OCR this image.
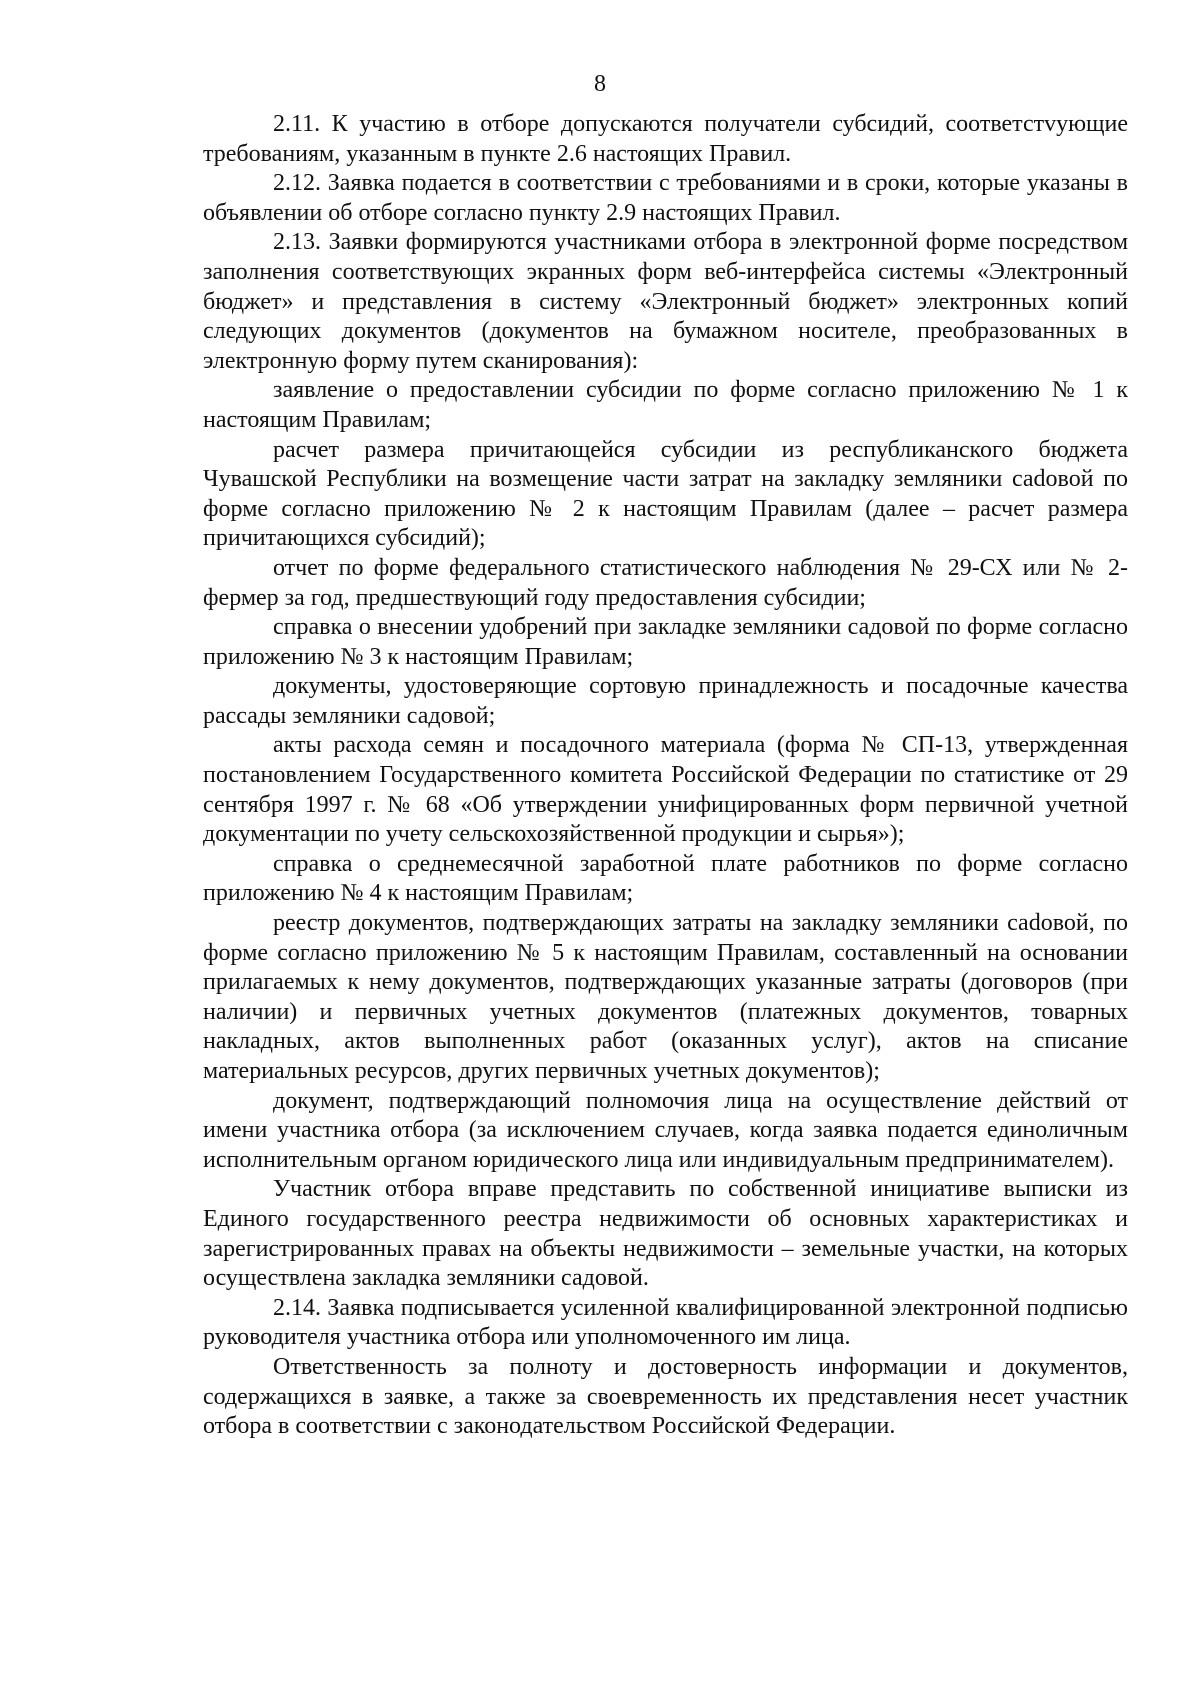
8

2.11. К участию в отборе допускаются получатели субсидий, соответстvующие требованиям, указанным в пункте 2.6 настоящих Правил.

2.12. Заявка подается в соответствии с требованиями и в сроки, которые указаны в объявлении об отборе согласно пункту 2.9 настоящих Правил.

2.13. Заявки формируются участниками отбора в электронной форме посредством заполнения соответствующих экранных форм веб-интерфейса системы «Электронный бюджет» и представления в систему «Электронный бюджет» электронных копий следующих документов (документов на бумажном носителе, преобразованных в электронную форму путем сканирования):

заявление о предоставлении субсидии по форме согласно приложению № 1 к настоящим Правилам;

расчет размера причитающейся субсидии из республиканского бюджета Чувашской Республики на возмещение части затрат на закладку земляники саdовой по форме согласно приложению № 2 к настоящим Правилам (далее – расчет размера причитающихся субсидий);

отчет по форме федерального статистического наблюдения № 29-СХ или № 2-фермер за год, предшествующий году предоставления субсидии;

справка о внесении удобрений при закладке земляники садовой по форме согласно приложению № 3 к настоящим Правилам;

документы, удостоверяющие сортовую принадлежность и посадочные качества рассады земляники садовой;

акты расхода семян и посадочного материала (форма № СП-13, утвержденная постановлением Государственного комитета Российской Федерации по статистике от 29 сентября 1997 г. № 68 «Об утверждении унифицированных форм первичной учетной документации по учету сельскохозяйственной продукции и сырья»);

справка о среднемесячной заработной плате работников по форме согласно приложению № 4 к настоящим Правилам;

реестр документов, подтверждающих затраты на закладку земляники саdовой, по форме согласно приложению № 5 к настоящим Правилам, составленный на основании прилагаемых к нему документов, подтверждающих указанные затраты (договоров (при наличии) и первичных учетных документов (платежных документов, товарных накладных, актов выполненных работ (оказанных услуг), актов на списание материальных ресурсов, других первичных учетных документов);

документ, подтверждающий полномочия лица на осуществление действий от имени участника отбора (за исключением случаев, когда заявка подается единоличным исполнительным органом юридического лица или индивидуальным предпринимателем).

Участник отбора вправе представить по собственной инициативе выписки из Единого государственного реестра недвижимости об основных характеристиках и зарегистрированных правах на объекты недвижимости – земельные участки, на которых осуществлена закладка земляники садовой.

2.14. Заявка подписывается усиленной квалифицированной электронной подписью руководителя участника отбора или уполномоченного им лица.

Ответственность за полноту и достоверность информации и документов, содержащихся в заявке, а также за своевременность их представления несет участник отбора в соответствии с законодательством Российской Федерации.
